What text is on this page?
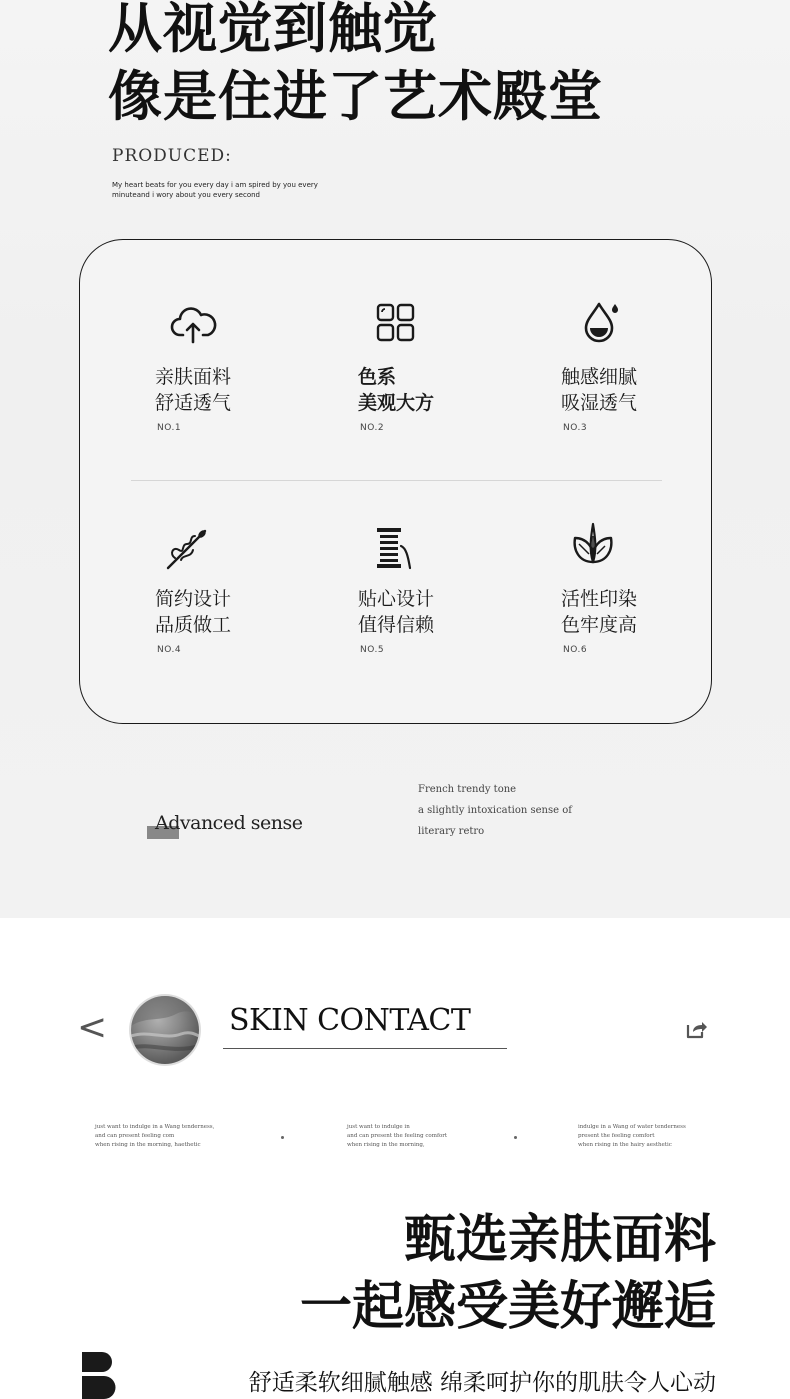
从视觉到触觉
像是住进了艺术殿堂
PRODUCED:
My heart beats for you every day i am spired by you every
minuteand i wory about you every second
亲肤面料
舒适透气
NO.1
色系
美观大方
NO.2
触感细腻
吸湿透气
NO.3
简约设计
品质做工
NO.4
贴心设计
值得信赖
NO.5
活性印染
色牢度高
NO.6
Advanced sense
French trendy tone
a slightly intoxication sense of
literary retro
<	SKIN CONTACT
just want to indulge in a Wang tenderness,
and can present feeling com
when rising in the morning, haethetic
just want to indulge in
and can present the feeling comfort
when rising in the morning,
indulge in a Wang of water tenderness
present the feeling comfort
when rising in the hairy aesthetic
甄选亲肤面料
一起感受美好邂逅
舒适柔软细腻触感 绵柔呵护你的肌肤令人心动
